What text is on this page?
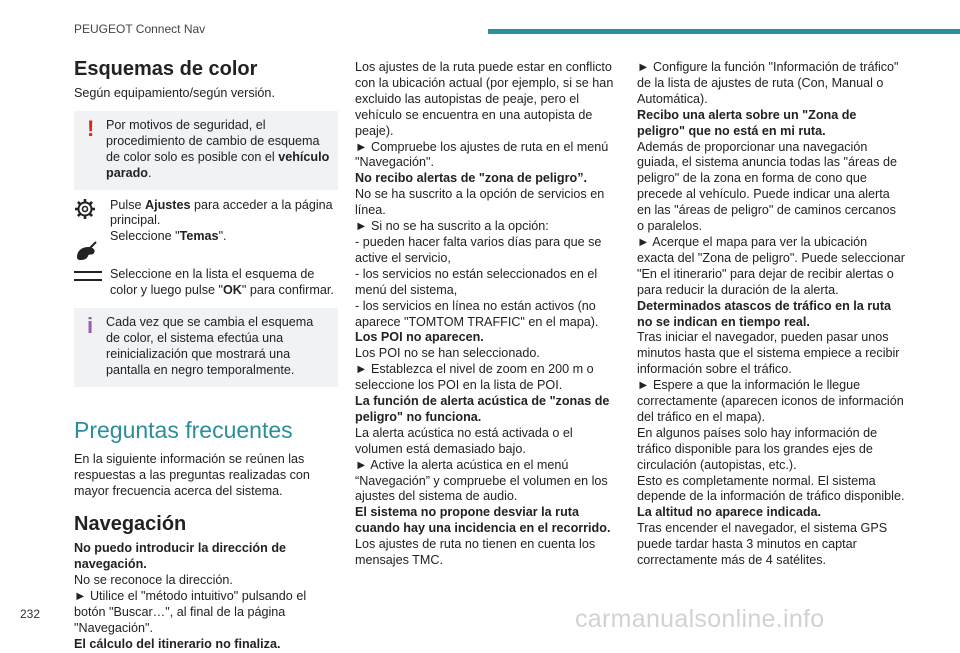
PEUGEOT Connect Nav
Esquemas de color

Según equipamiento/según versión.

! Por motivos de seguridad, el procedimiento de cambio de esquema de color solo es posible con el vehículo parado.

Pulse Ajustes para acceder a la página principal.

Seleccione "Temas".

Seleccione en la lista el esquema de color y luego pulse "OK" para confirmar.

i	Cada vez que se cambia el esquema de color, el sistema efectúa una reinicialización que mostrará una pantalla en negro temporalmente.

Preguntas frecuentes

En la siguiente información se reúnen las respuestas a las preguntas realizadas con mayor frecuencia acerca del sistema.

Navegación

No puedo introducir la dirección de navegación.

No se reconoce la dirección.

► Utilice el "método intuitivo" pulsando el botón "Buscar…", al final de la página "Navegación".

El cálculo del itinerario no finaliza.

Los ajustes de la ruta puede estar en conflicto con la ubicación actual (por ejemplo, si se han excluido las autopistas de peaje, pero el vehículo se encuentra en una autopista de peaje).

► Compruebe los ajustes de ruta en el menú "Navegación".

No recibo alertas de "zona de peligro”.

No se ha suscrito a la opción de servicios en línea.

► Si no se ha suscrito a la opción:

- pueden hacer falta varios días para que se active el servicio,

- los servicios no están seleccionados en el menú del sistema,

- los servicios en línea no están activos (no aparece "TOMTOM TRAFFIC" en el mapa).

Los POI no aparecen.

Los POI no se han seleccionado.

► Establezca el nivel de zoom en 200 m o seleccione los POI en la lista de POI.

La función de alerta acústica de "zonas de peligro" no funciona.

La alerta acústica no está activada o el volumen está demasiado bajo.

► Active la alerta acústica en el menú “Navegación” y compruebe el volumen en los ajustes del sistema de audio.

El sistema no propone desviar la ruta cuando hay una incidencia en el recorrido.

Los ajustes de ruta no tienen en cuenta los mensajes TMC.

► Configure la función "Información de tráfico" de la lista de ajustes de ruta (Con, Manual o Automática).

Recibo una alerta sobre un "Zona de peligro" que no está en mi ruta.

Además de proporcionar una navegación guiada, el sistema anuncia todas las "áreas de peligro" de la zona en forma de cono que precede al vehículo. Puede indicar una alerta en las "áreas de peligro" de caminos cercanos o paralelos.

► Acerque el mapa para ver la ubicación exacta del "Zona de peligro". Puede seleccionar "En el itinerario" para dejar de recibir alertas o para reducir la duración de la alerta.

Determinados atascos de tráfico en la ruta no se indican en tiempo real.

Tras iniciar el navegador, pueden pasar unos minutos hasta que el sistema empiece a recibir información sobre el tráfico.

► Espere a que la información le llegue correctamente (aparecen iconos de información del tráfico en el mapa).

En algunos países solo hay información de tráfico disponible para los grandes ejes de circulación (autopistas, etc.).

Esto es completamente normal. El sistema depende de la información de tráfico disponible.

La altitud no aparece indicada.

Tras encender el navegador, el sistema GPS puede tardar hasta 3 minutos en captar correctamente más de 4 satélites.

232	carmanualsonline.info
